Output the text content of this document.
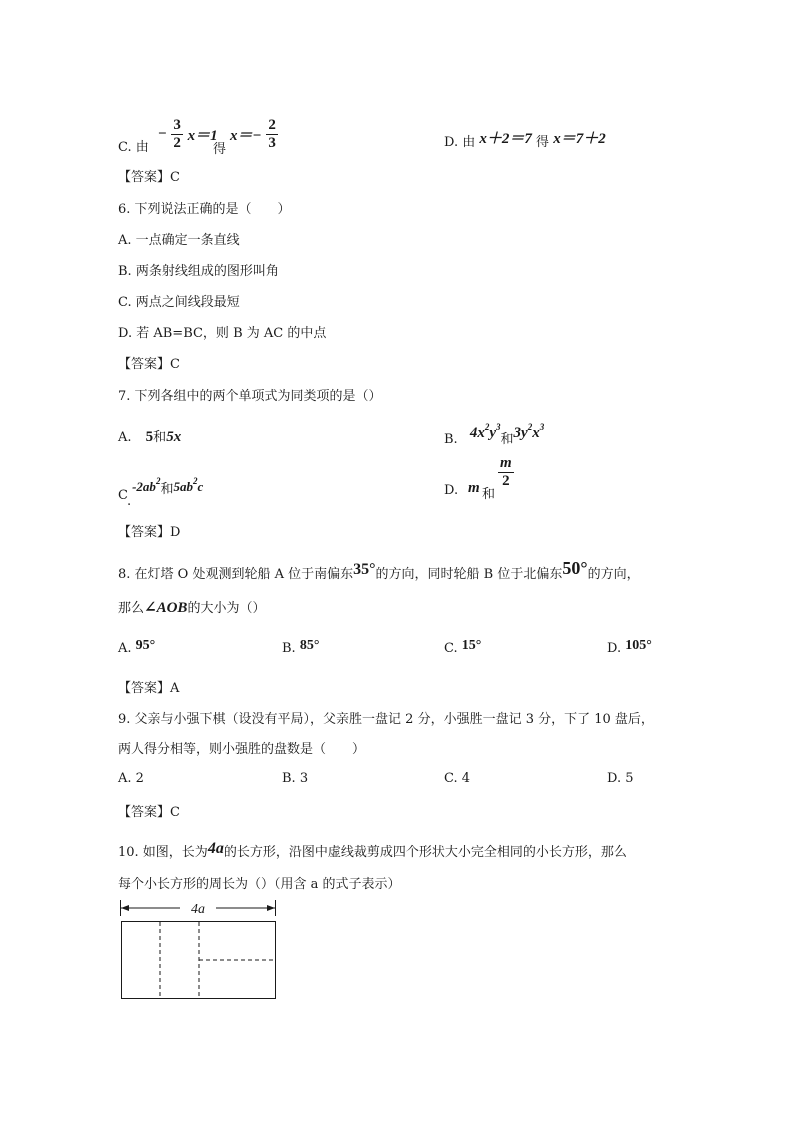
C. 由
− $\frac{3}{2} x=1$
得
$x=- \frac{2}{3}$	D. 由 x＋2＝7 得 x＝7＋2
【答案】C
6. 下列说法正确的是（　　）
A. 一点确定一条直线
B. 两条射线组成的图形叫角
C. 两点之间线段最短
D. 若 AB=BC，则 B 为 AC 的中点
【答案】C
7. 下列各组中的两个单项式为同类项的是（）
A. 5和5x	B. $4x^2y^3$和$3y^2x^3$
C $-2ab^2$和$5ab^2c$
.
D. m 和
$\frac{m}{2}$
【答案】D
8. 在灯塔 O 处观测到轮船 A 位于南偏东35°的方向，同时轮船 B 位于北偏东50°的方向，
那么∠AOB的大小为（）
A. 95°	B. 85°	C. 15°	D. 105°
【答案】A
9. 父亲与小强下棋（设没有平局），父亲胜一盘记 2 分，小强胜一盘记 3 分，下了 10 盘后，
两人得分相等，则小强胜的盘数是（　　）
A. 2	B. 3	C. 4	D. 5
【答案】C
10. 如图，长为4a的长方形，沿图中虚线裁剪成四个形状大小完全相同的小长方形，那么
每个小长方形的周长为（）（用含 a 的式子表示）
4a
